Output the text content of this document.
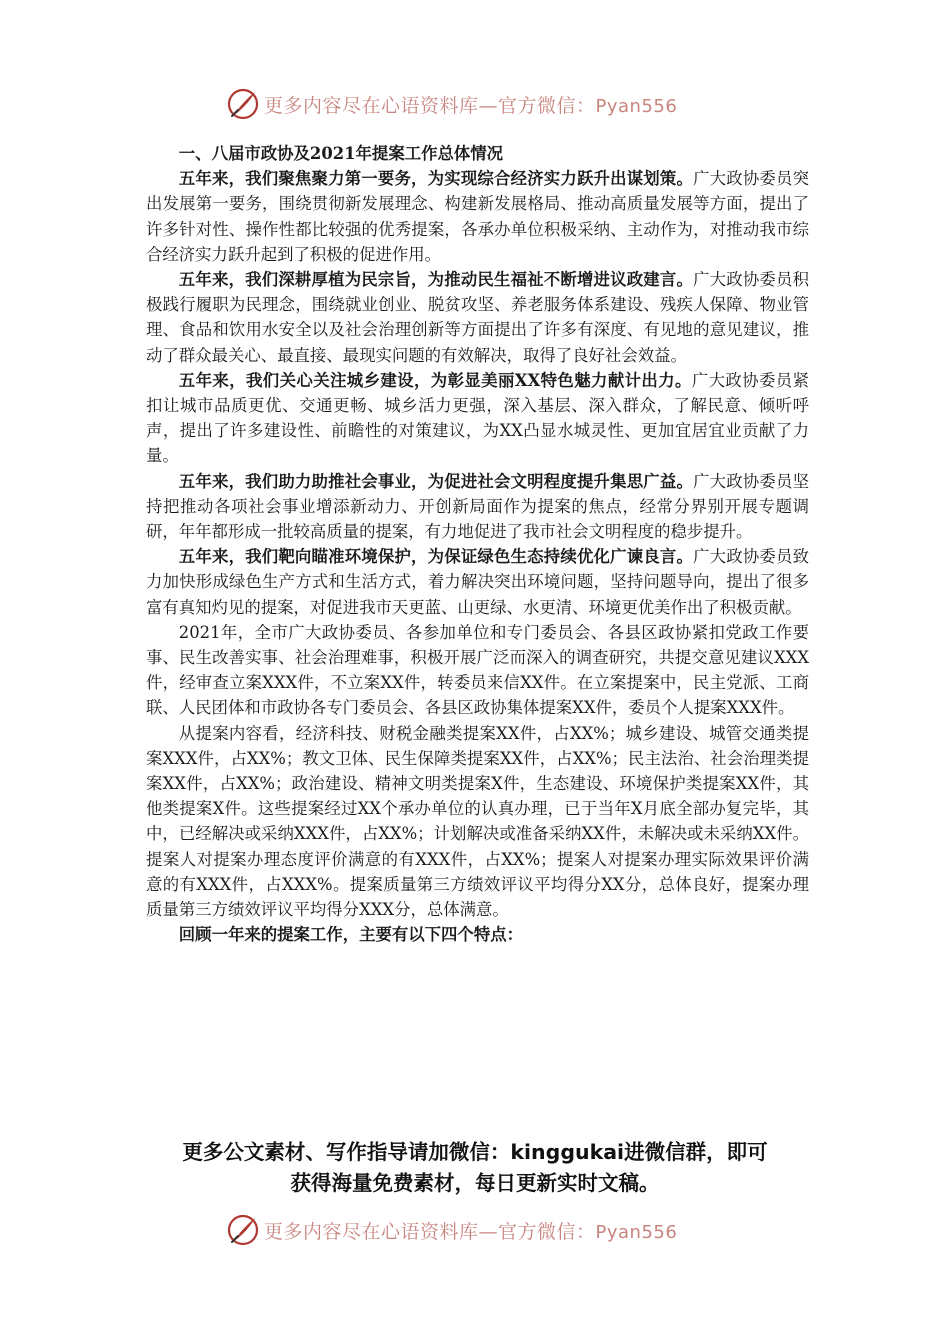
更多内容尽在心语资料库—官方微信：Pyan556
一、八届市政协及2021年提案工作总体情况

五年来，我们聚焦聚力第一要务，为实现综合经济实力跃升出谋划策。广大政协委员突出发展第一要务，围绕贯彻新发展理念、构建新发展格局、推动高质量发展等方面，提出了许多针对性、操作性都比较强的优秀提案，各承办单位积极采纳、主动作为，对推动我市综合经济实力跃升起到了积极的促进作用。

五年来，我们深耕厚植为民宗旨，为推动民生福祉不断增进议政建言。广大政协委员积极践行履职为民理念，围绕就业创业、脱贫攻坚、养老服务体系建设、残疾人保障、物业管理、食品和饮用水安全以及社会治理创新等方面提出了许多有深度、有见地的意见建议，推动了群众最关心、最直接、最现实问题的有效解决，取得了良好社会效益。

五年来，我们关心关注城乡建设，为彰显美丽XX特色魅力献计出力。广大政协委员紧扣让城市品质更优、交通更畅、城乡活力更强，深入基层、深入群众，了解民意、倾听呼声，提出了许多建设性、前瞻性的对策建议，为XX凸显水城灵性、更加宜居宜业贡献了力量。

五年来，我们助力助推社会事业，为促进社会文明程度提升集思广益。广大政协委员坚持把推动各项社会事业增添新动力、开创新局面作为提案的焦点，经常分界别开展专题调研，年年都形成一批较高质量的提案，有力地促进了我市社会文明程度的稳步提升。

五年来，我们靶向瞄准环境保护，为保证绿色生态持续优化广谏良言。广大政协委员致力加快形成绿色生产方式和生活方式，着力解决突出环境问题，坚持问题导向，提出了很多富有真知灼见的提案，对促进我市天更蓝、山更绿、水更清、环境更优美作出了积极贡献。

2021年，全市广大政协委员、各参加单位和专门委员会、各县区政协紧扣党政工作要事、民生改善实事、社会治理难事，积极开展广泛而深入的调查研究，共提交意见建议XXX件，经审查立案XXX件，不立案XX件，转委员来信XX件。在立案提案中，民主党派、工商联、人民团体和市政协各专门委员会、各县区政协集体提案XX件，委员个人提案XXX件。

从提案内容看，经济科技、财税金融类提案XX件，占XX%；城乡建设、城管交通类提案XXX件，占XX%；教文卫体、民生保障类提案XX件，占XX%；民主法治、社会治理类提案XX件，占XX%；政治建设、精神文明类提案X件，生态建设、环境保护类提案XX件，其他类提案X件。这些提案经过XX个承办单位的认真办理，已于当年X月底全部办复完毕，其中，已经解决或采纳XXX件，占XX%；计划解决或准备采纳XX件，未解决或未采纳XX件。提案人对提案办理态度评价满意的有XXX件，占XX%；提案人对提案办理实际效果评价满意的有XXX件，占XXX%。提案质量第三方绩效评议平均得分XX分，总体良好，提案办理质量第三方绩效评议平均得分XXX分，总体满意。

回顾一年来的提案工作，主要有以下四个特点：

更多公文素材、写作指导请加微信：kinggukai进微信群，即可
获得海量免费素材，每日更新实时文稿。
更多内容尽在心语资料库—官方微信：Pyan556
